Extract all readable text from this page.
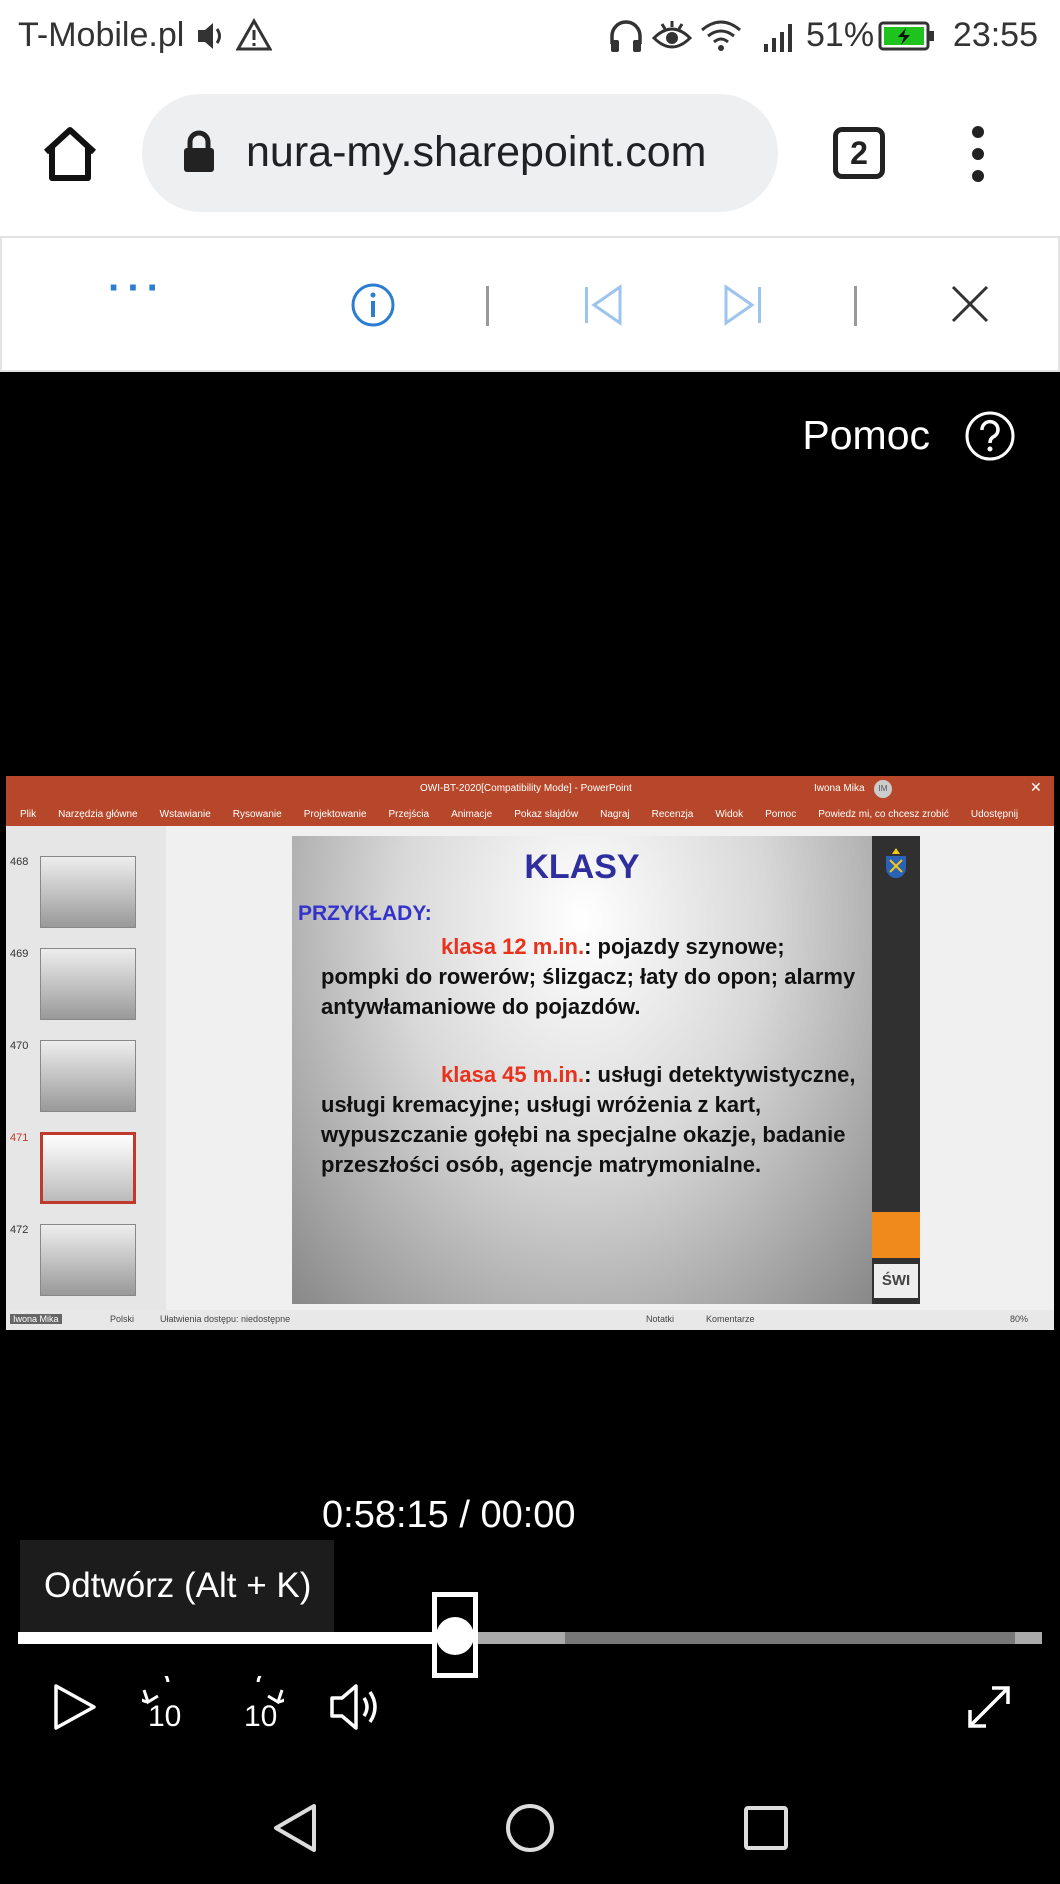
T-Mobile.pl	51% 23:55
nura-my.sharepoint.com	2
···
Pomoc
OWI-BT-2020[Compatibility Mode] - PowerPoint	Iwona Mika	IM	✕
Plik Narzędzia główne Wstawianie Rysowanie Projektowanie Przejścia Animacje Pokaz slajdów Nagraj Recenzja Widok Pomoc Powiedz mi, co chcesz zrobić Udostępnij
468
469
470
471
472
KLASY
PRZYKŁADY:
klasa 12 m.in.: pojazdy szynowe; pompki do rowerów; ślizgacz; łaty do opon; alarmy antywłamaniowe do pojazdów.
klasa 45 m.in.: usługi detektywistyczne, usługi kremacyjne; usługi wróżenia z kart, wypuszczanie gołębi na specjalne okazje, badanie przeszłości osób, agencje matrymonialne.
ŚWI
Iwona Mika	Polski	Ułatwienia dostępu: niedostępne	Notatki	Komentarze	80%
0:58:15 / 00:00
Odtwórz (Alt + K)
10 10
